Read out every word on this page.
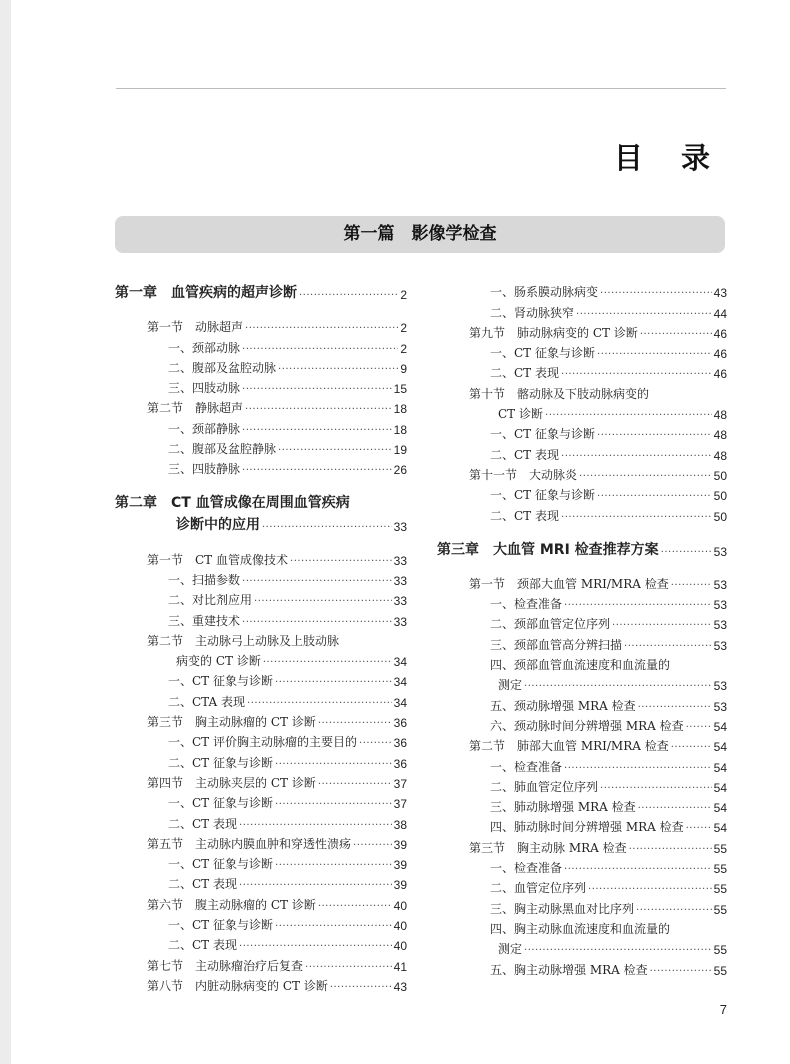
目 录
第一篇　影像学检查
第一章　血管疾病的超声诊断 .....	2
第一节　动脉超声 .....	2
一、颈部动脉 .....	2
二、腹部及盆腔动脉 .....	9
三、四肢动脉 .....	15
第二节　静脉超声 .....	18
一、颈部静脉 .....	18
二、腹部及盆腔静脉 .....	19
三、四肢静脉 .....	26
第二章　CT 血管成像在周围血管疾病
诊断中的应用 .....	33
第一节　CT 血管成像技术 .....	33
一、扫描参数 .....	33
二、对比剂应用 .....	33
三、重建技术 .....	33
第二节　主动脉弓上动脉及上肢动脉
病变的 CT 诊断 .....	34
一、CT 征象与诊断 .....	34
二、CTA 表现 .....	34
第三节　胸主动脉瘤的 CT 诊断 .....	36
一、CT 评价胸主动脉瘤的主要目的 .....	36
二、CT 征象与诊断 .....	36
第四节　主动脉夹层的 CT 诊断 .....	37
一、CT 征象与诊断 .....	37
二、CT 表现 .....	38
第五节　主动脉内膜血肿和穿透性溃疡 .....	39
一、CT 征象与诊断 .....	39
二、CT 表现 .....	39
第六节　腹主动脉瘤的 CT 诊断 .....	40
一、CT 征象与诊断 .....	40
二、CT 表现 .....	40
第七节　主动脉瘤治疗后复查 .....	41
第八节　内脏动脉病变的 CT 诊断 .....	43
一、肠系膜动脉病变 .....	43
二、肾动脉狭窄 .....	44
第九节　肺动脉病变的 CT 诊断 .....	46
一、CT 征象与诊断 .....	46
二、CT 表现 .....	46
第十节　髂动脉及下肢动脉病变的
CT 诊断 .....	48
一、CT 征象与诊断 .....	48
二、CT 表现 .....	48
第十一节　大动脉炎 .....	50
一、CT 征象与诊断 .....	50
二、CT 表现 .....	50
第三章　大血管 MRI 检查推荐方案 .....	53
第一节　颈部大血管 MRI/MRA 检查 .....	53
一、检查准备 .....	53
二、颈部血管定位序列 .....	53
三、颈部血管高分辨扫描 .....	53
四、颈部血管血流速度和血流量的
测定 .....	53
五、颈动脉增强 MRA 检查 .....	53
六、颈动脉时间分辨增强 MRA 检查 .....	54
第二节　肺部大血管 MRI/MRA 检查 .....	54
一、检查准备 .....	54
二、肺血管定位序列 .....	54
三、肺动脉增强 MRA 检查 .....	54
四、肺动脉时间分辨增强 MRA 检查 .....	54
第三节　胸主动脉 MRA 检查 .....	55
一、检查准备 .....	55
二、血管定位序列 .....	55
三、胸主动脉黑血对比序列 .....	55
四、胸主动脉血流速度和血流量的
测定 .....	55
五、胸主动脉增强 MRA 检查 .....	55
7
